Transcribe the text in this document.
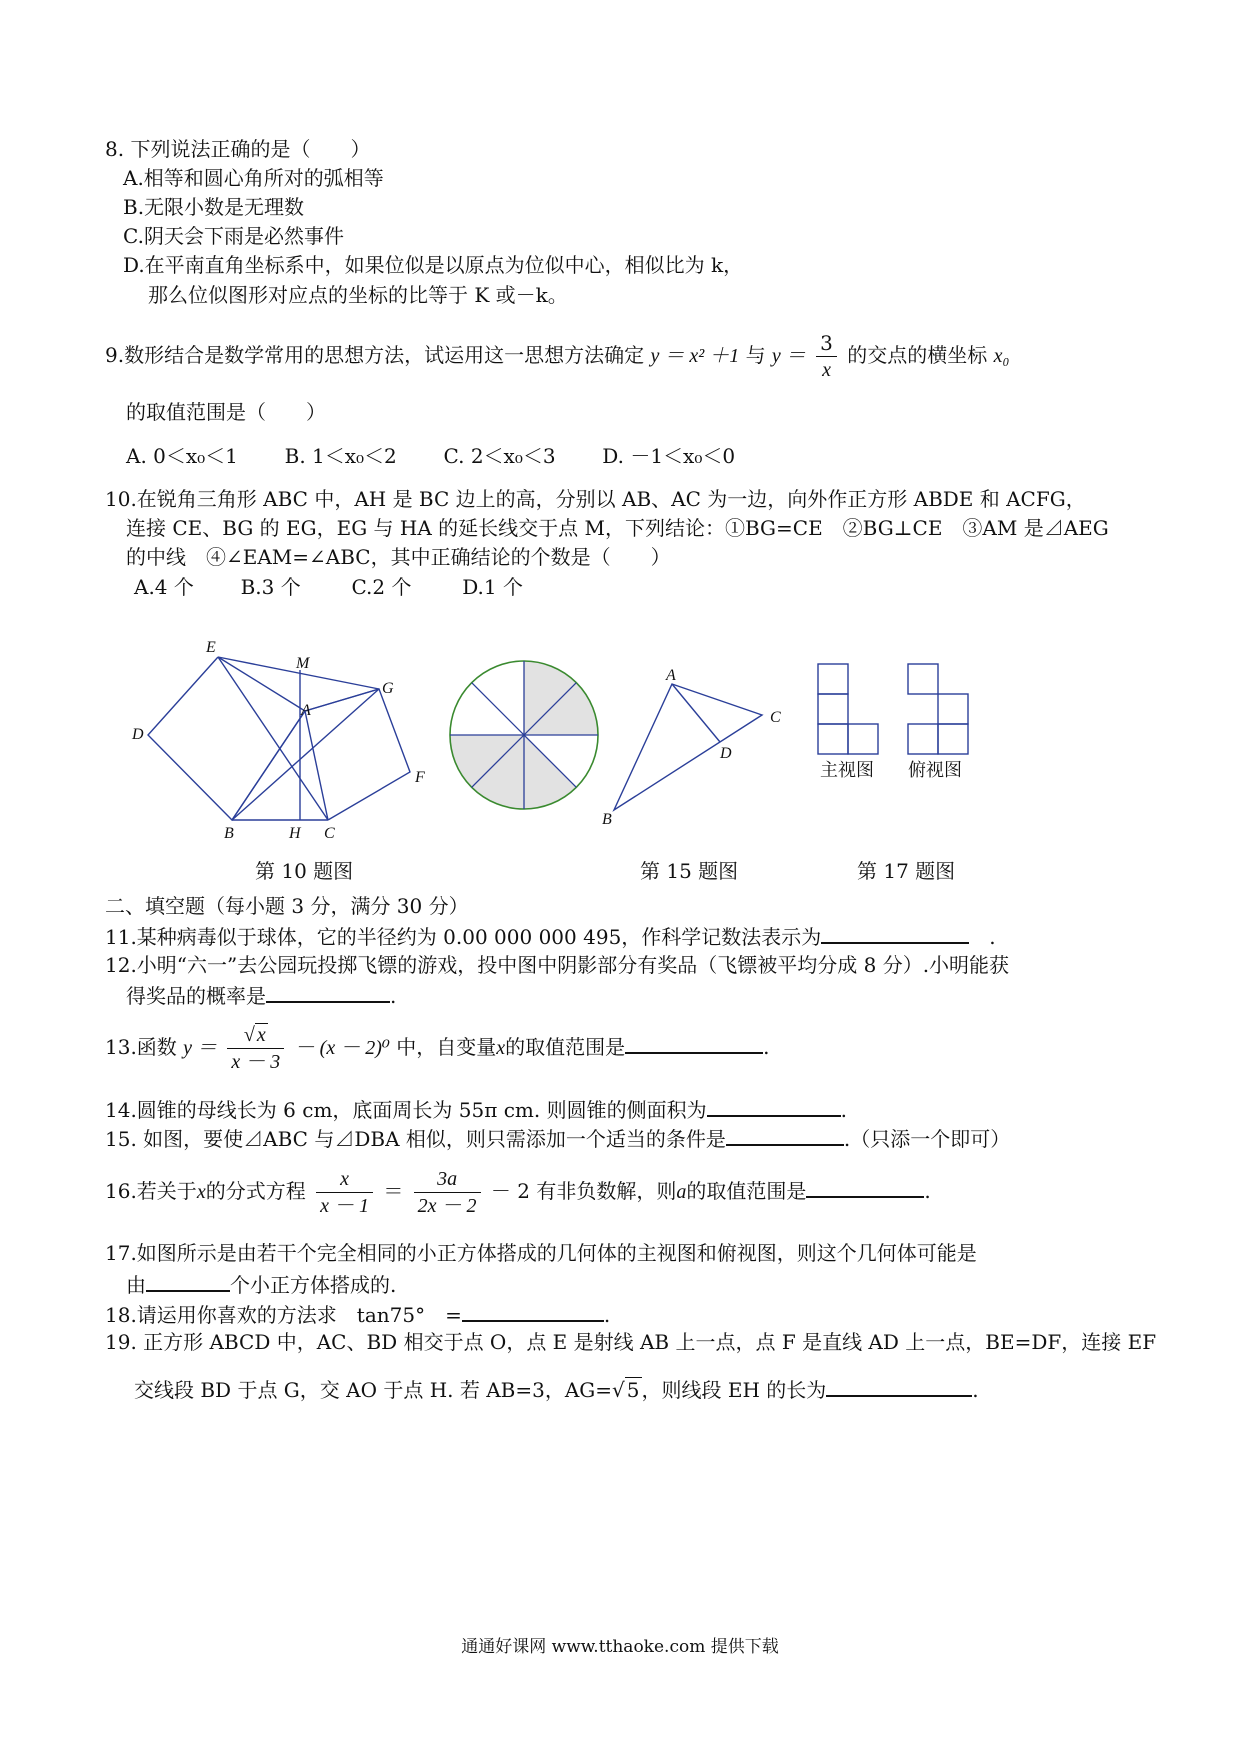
8. 下列说法正确的是（　　）
A.相等和圆心角所对的弧相等
B.无限小数是无理数
C.阴天会下雨是必然事件
D.在平南直角坐标系中，如果位似是以原点为位似中心，相似比为 k，
那么位似图形对应点的坐标的比等于 K 或－k。
9.数形结合是数学常用的思想方法，试运用这一思想方法确定 y ＝ x² ＋1 与 $y = \frac{3}{x}$ 的交点的横坐标 x₀
的取值范围是（　　）
A. 0＜x₀＜1 B. 1＜x₀＜2 C. 2＜x₀＜3 D. －1＜x₀＜0
10.在锐角三角形 ABC 中，AH 是 BC 边上的高，分别以 AB、AC 为一边，向外作正方形 ABDE 和 ACFG，
连接 CE、BG 的 EG，EG 与 HA 的延长线交于点 M，下列结论：①BG=CE　②BG⊥CE　③AM 是⊿AEG
的中线　④∠EAM=∠ABC，其中正确结论的个数是（　　）
A.4 个 B.3 个	C.2 个	D.1 个
E
M
G
A
D
F
B	H C
A
C
D
B
主视图 俯视图
第 10 题图	第 15 题图	第 17 题图
二、填空题（每小题 3 分，满分 30 分）
11.某种病毒似于球体，它的半径约为 0.00 000 000 495，作科学记数法表示为	.
12.小明“六一”去公园玩投掷飞镖的游戏，投中图中阴影部分有奖品（飞镖被平均分成 8 分）.小明能获
得奖品的概率是	.
13.函数 $y = \frac{√ x}{x - 3} - (x - 2)^0$ 中，自变量x的取值范围是	.
14.圆锥的母线长为 6 cm，底面周长为 55π cm. 则圆锥的侧面积为	.
15. 如图，要使⊿ABC 与⊿DBA 相似，则只需添加一个适当的条件是	.（只添一个即可）
16.若关于x的分式方程 $\frac{x}{x - 1} = \frac{3a}{2x - 2} - 2$ 有非负数解，则a的取值范围是	.
17.如图所示是由若干个完全相同的小正方体搭成的几何体的主视图和俯视图，则这个几何体可能是
由	个小正方体搭成的.
18.请运用你喜欢的方法求　tan75°　=	.
19. 正方形 ABCD 中，AC、BD 相交于点 O，点 E 是射线 AB 上一点，点 F 是直线 AD 上一点，BE=DF，连接 EF
交线段 BD 于点 G，交 AO 于点 H. 若 AB=3，AG=√ 5 ，则线段 EH 的长为	.
通通好课网 www.tthaoke.com 提供下载
